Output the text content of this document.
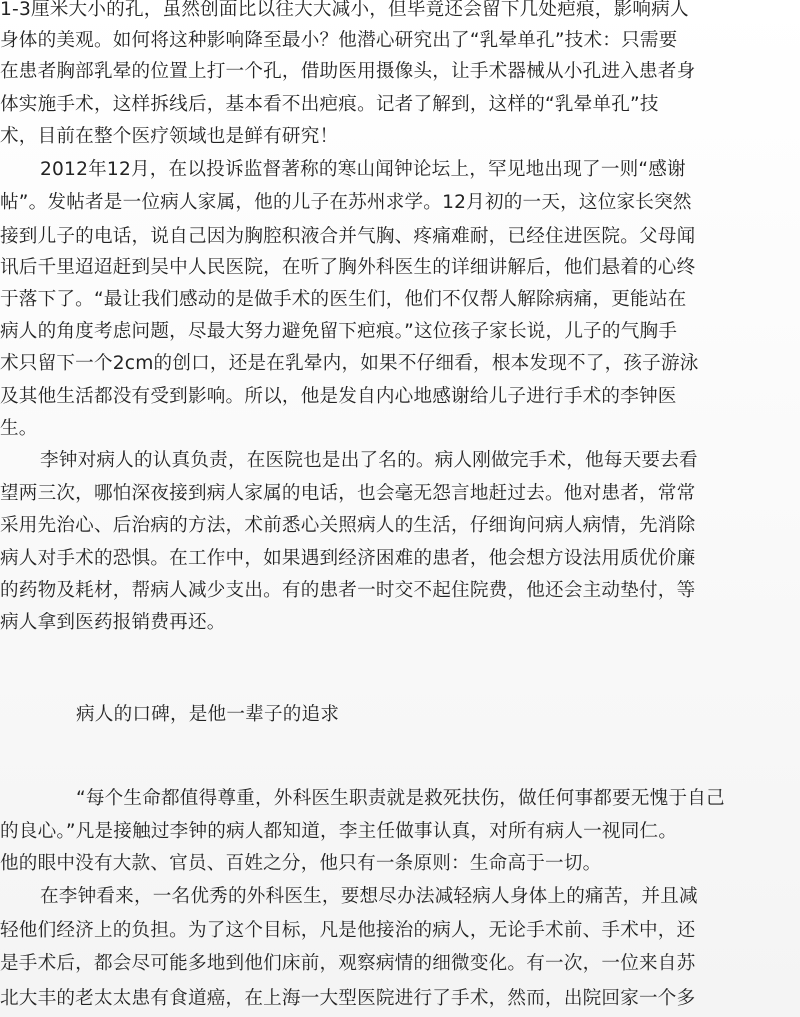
1-3厘米大小的孔，虽然创面比以往大大减小，但毕竟还会留下几处疤痕，影响病人
身体的美观。如何将这种影响降至最小？他潜心研究出了“乳晕单孔”技术：只需要
在患者胸部乳晕的位置上打一个孔，借助医用摄像头，让手术器械从小孔进入患者身
体实施手术，这样拆线后，基本看不出疤痕。记者了解到，这样的“乳晕单孔”技
术，目前在整个医疗领域也是鲜有研究！
2012年12月，在以投诉监督著称的寒山闻钟论坛上，罕见地出现了一则“感谢
帖”。发帖者是一位病人家属，他的儿子在苏州求学。12月初的一天，这位家长突然
接到儿子的电话，说自己因为胸腔积液合并气胸、疼痛难耐，已经住进医院。父母闻
讯后千里迢迢赶到吴中人民医院，在听了胸外科医生的详细讲解后，他们悬着的心终
于落下了。“最让我们感动的是做手术的医生们，他们不仅帮人解除病痛，更能站在
病人的角度考虑问题，尽最大努力避免留下疤痕。”这位孩子家长说，儿子的气胸手
术只留下一个2cm的创口，还是在乳晕内，如果不仔细看，根本发现不了，孩子游泳
及其他生活都没有受到影响。所以，他是发自内心地感谢给儿子进行手术的李钟医
生。
李钟对病人的认真负责，在医院也是出了名的。病人刚做完手术，他每天要去看
望两三次，哪怕深夜接到病人家属的电话，也会毫无怨言地赶过去。他对患者，常常
采用先治心、后治病的方法，术前悉心关照病人的生活，仔细询问病人病情，先消除
病人对手术的恐惧。在工作中，如果遇到经济困难的患者，他会想方设法用质优价廉
的药物及耗材，帮病人减少支出。有的患者一时交不起住院费，他还会主动垫付，等
病人拿到医药报销费再还。
病人的口碑，是他一辈子的追求
“每个生命都值得尊重，外科医生职责就是救死扶伤，做任何事都要无愧于自己
的良心。”凡是接触过李钟的病人都知道，李主任做事认真，对所有病人一视同仁。
他的眼中没有大款、官员、百姓之分，他只有一条原则：生命高于一切。
在李钟看来，一名优秀的外科医生，要想尽办法减轻病人身体上的痛苦，并且减
轻他们经济上的负担。为了这个目标，凡是他接治的病人，无论手术前、手术中，还
是手术后，都会尽可能多地到他们床前，观察病情的细微变化。有一次，一位来自苏
北大丰的老太太患有食道癌，在上海一大型医院进行了手术，然而，出院回家一个多
